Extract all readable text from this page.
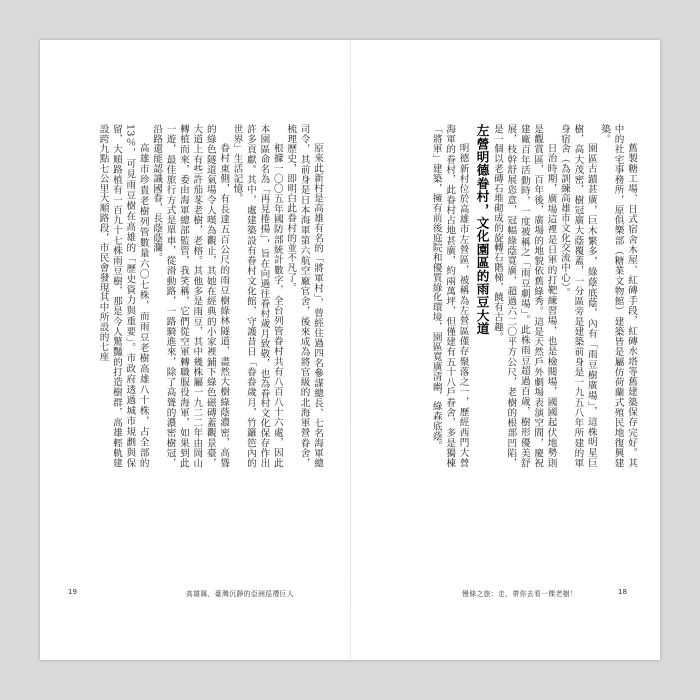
原來此新村是高雄有名的「將軍村」，曾經住過四名參謀總長、七名海軍總司令，其前身是日本海軍第六航空廠官舍，後來成為將官級的北海軍營眷舍，梳理歷史，即明白此眷村的並不凡了。

根據一〇〇五年國防部統計數字，全台列管眷村共有八百八十六處，因此本園區命名為「再見捲揚」，旨在向過往眷村歲月致敬，也為眷村文化保存作出許多貢獻。其中，處建築設有眷村文化館，守護昔日「眷眷歲月，竹籬笆內的世界」生活記憶。

眷村東側，有長達五百公尺的雨豆樹綠林隧道，盡然大樹綠蔭濃密，高聳的綠色隧道氣場令人嘆為觀止，其她在經典的小家裡鋪下綠色磁磚蓋觀景臺，大道上有些許茄苳老樹，老榕。其他多是雨豆，其中幾株屬一九二二年由岡山轉植而來，委由海軍總部監管，我笑稱，它們從空軍轉職服役海軍，如果到此一遊，最佳旅行方式是單車，從滑動路，一路騎進來，除了高聳的濃密樹冠，沿路還能認識國眷，長蔭蔭瀾。

高雄市珍貴老樹列管數量六〇七株，而雨豆老樹高雄八十株，占全部的13％，可見雨豆樹在高雄的「歷史資力與重要」。市政府透過城市規劃與保留，大順路植有一百九十七株雨豆樹，那是今人驚豔的打造樹群，高雄輕軌建設跨九點七公里大順路段，市民會發現其中所設的七座

19	高雄縣，臺灣沉靜的亞洲巡禮巨人

舊製糖工場、日式宿舍木屋、紅磚手段，紅磚水塔等舊建築保存完好。其中的社宅事務所，原俱樂部（糖業文物館）建築皆是屬仿荷蘭式殖民地復興建築。

園區古蹟甚廣，巨木繁多，綠蔭底蔭，內有「雨豆樹廣場」，這株明星巨樹，高大茂密，樹冠廣大蔭覆蓋，一分區旁是建築前身是一九五八年所建的軍身宿舍（為訓練高雄市文化交流中心）。

日治時期，廣場這裡是日軍的打靶練習場，也是檢閱場，國國起伏地勢則是觀賞區，百年後，廣場的地貌依舊綠秀。這是天然戶外劇場表演空間，慶祝建廠百年活動時，一度被稱之「雨豆劇場」。此株雨豆超過百歲，樹形優美舒展，枝幹舒展恣意，冠幅綠蔭寬廣，超過六二〇平方公尺，老樹的根部凹陷，是一個以老磚石堆砌成的旋轉石階梯，饒有古趣。

左營明德眷村，文化園區的雨豆大道

明德新村位於高雄市左營區，被稱為左營區僅存聚落之一，歷經西門大營海軍的眷村，此眷村占地甚廣，約兩萬坪，但僅建有五十八戶眷舍，多是獨棟「將軍」建築，擁有前後庭院和優質綠化環境，園區寬廣清幽，綠森底蔭。

慢條之旅：走，帶你去看一棵老樹！	18
